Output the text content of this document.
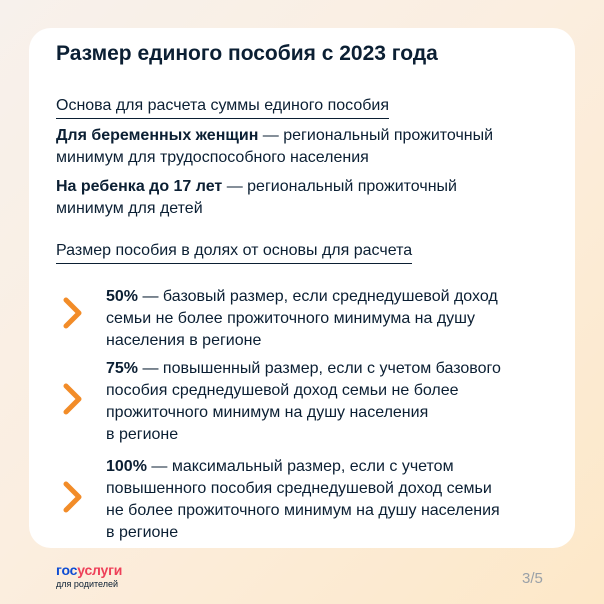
Размер единого пособия с 2023 года
Основа для расчета суммы единого пособия

Для беременных женщин — региональный прожиточный
минимум для трудоспособного населения

На ребенка до 17 лет — региональный прожиточный
минимум для детей

Размер пособия в долях от основы для расчета

50% — базовый размер, если среднедушевой доход
семьи не более прожиточного минимума на душу
населения в регионе

75% — повышенный размер, если с учетом базового
пособия среднедушевой доход семьи не более
прожиточного минимум на душу населения
в регионе

100% — максимальный размер, если с учетом
повышенного пособия среднедушевой доход семьи
не более прожиточного минимум на душу населения
в регионе

госуслуги
для родителей	3/5
